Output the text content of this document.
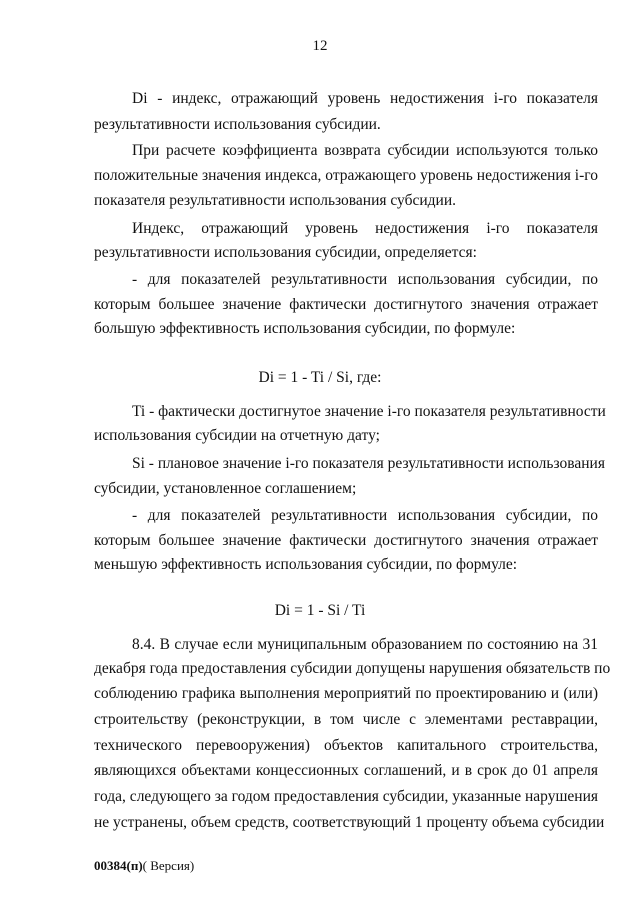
12
Di - индекс, отражающий уровень недостижения i-го показателя
результативности использования субсидии.
При расчете коэффициента возврата субсидии используются только
положительные значения индекса, отражающего уровень недостижения i-го
показателя результативности использования субсидии.
Индекс, отражающий уровень недостижения i-го показателя
результативности использования субсидии, определяется:
- для показателей результативности использования субсидии, по
которым большее значение фактически достигнутого значения отражает
большую эффективность использования субсидии, по формуле:
Di = 1 - Ti / Si, где:
Ti - фактически достигнутое значение i-го показателя результативности
использования субсидии на отчетную дату;
Si - плановое значение i-го показателя результативности использования
субсидии, установленное соглашением;
- для показателей результативности использования субсидии, по
которым большее значение фактически достигнутого значения отражает
меньшую эффективность использования субсидии, по формуле:
Di = 1 - Si / Ti
8.4. В случае если муниципальным образованием по состоянию на 31
декабря года предоставления субсидии допущены нарушения обязательств по
соблюдению графика выполнения мероприятий по проектированию и (или)
строительству (реконструкции, в том числе с элементами реставрации,
технического перевооружения) объектов капитального строительства,
являющихся объектами концессионных соглашений, и в срок до 01 апреля
года, следующего за годом предоставления субсидии, указанные нарушения
не устранены, объем средств, соответствующий 1 проценту объема субсидии
00384(п)( Версия)
